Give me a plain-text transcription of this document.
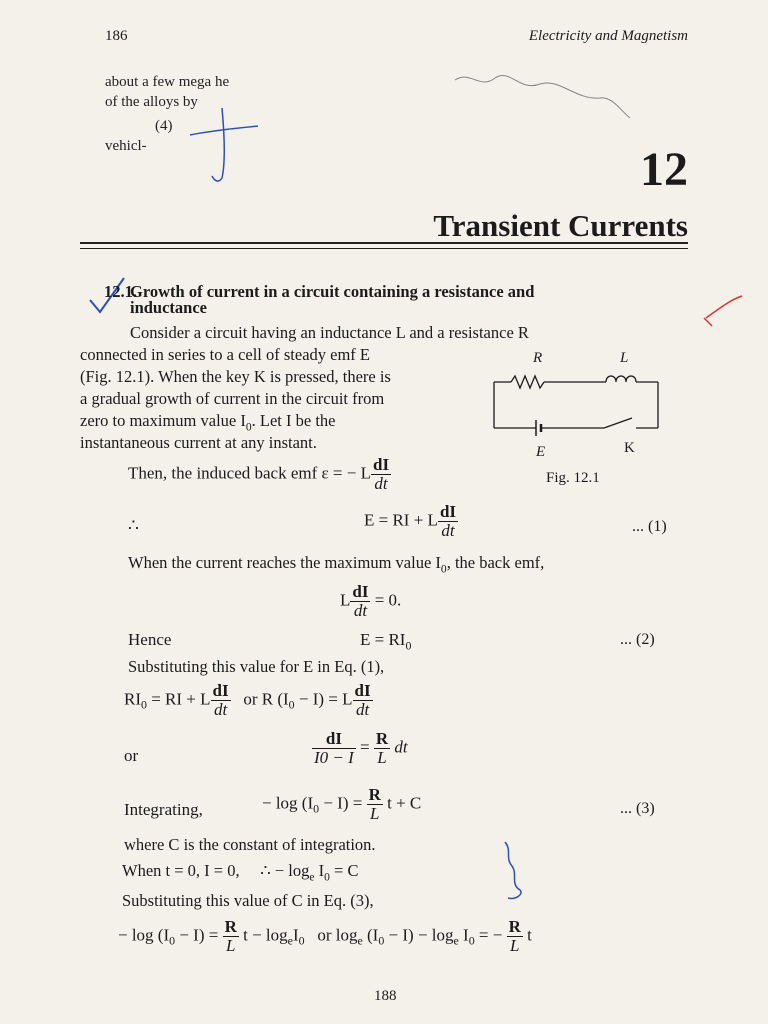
186	Electricity and Magnetism
about a few mega he
of the alloys by
(4)
vehicl-	12
Transient Currents
12.1.
Growth of current in a circuit containing a resistance and
inductance
Consider a circuit having an inductance L and a resistance R
connected in series to a cell of steady emf E
(Fig. 12.1). When the key K is pressed, there is
a gradual growth of current in the circuit from
zero to maximum value $I_0$. Let I be the
instantaneous current at any instant.
R	L
E	K
Fig. 12.1
Then, the induced back emf ε = − L $\frac{dI}{dt}$
∴	E = RI + L $\frac{dI}{dt}$	... (1)
When the current reaches the maximum value $I_0$, the back emf,
L $\frac{dI}{dt} = 0$.
Hence	$E = RI_0$	... (2)
Substituting this value for E in Eq. (1),
$RI_0$ = RI + L $\frac{dI}{dt}$ or R $(I_0 - I) = L \frac{dI}{dt}$
or	$\frac{dI}{I0 - I} = \frac{R}{L}$ dt
Integrating,	− $\log (I_0 - I) = \frac{R}{L}$ t + C	... (3)
where C is the constant of integration.
When t = 0, I = 0, ∴ − $\log_e I_0 = C$
Substituting this value of C in Eq. (3),
− $\log (I_0 - I) = \frac{R}{L}$ $t - \log_eI_0$ or $\log_e (I_0 - I) - \log_e I_0$ = − $\frac{R}{L}$ t
188
